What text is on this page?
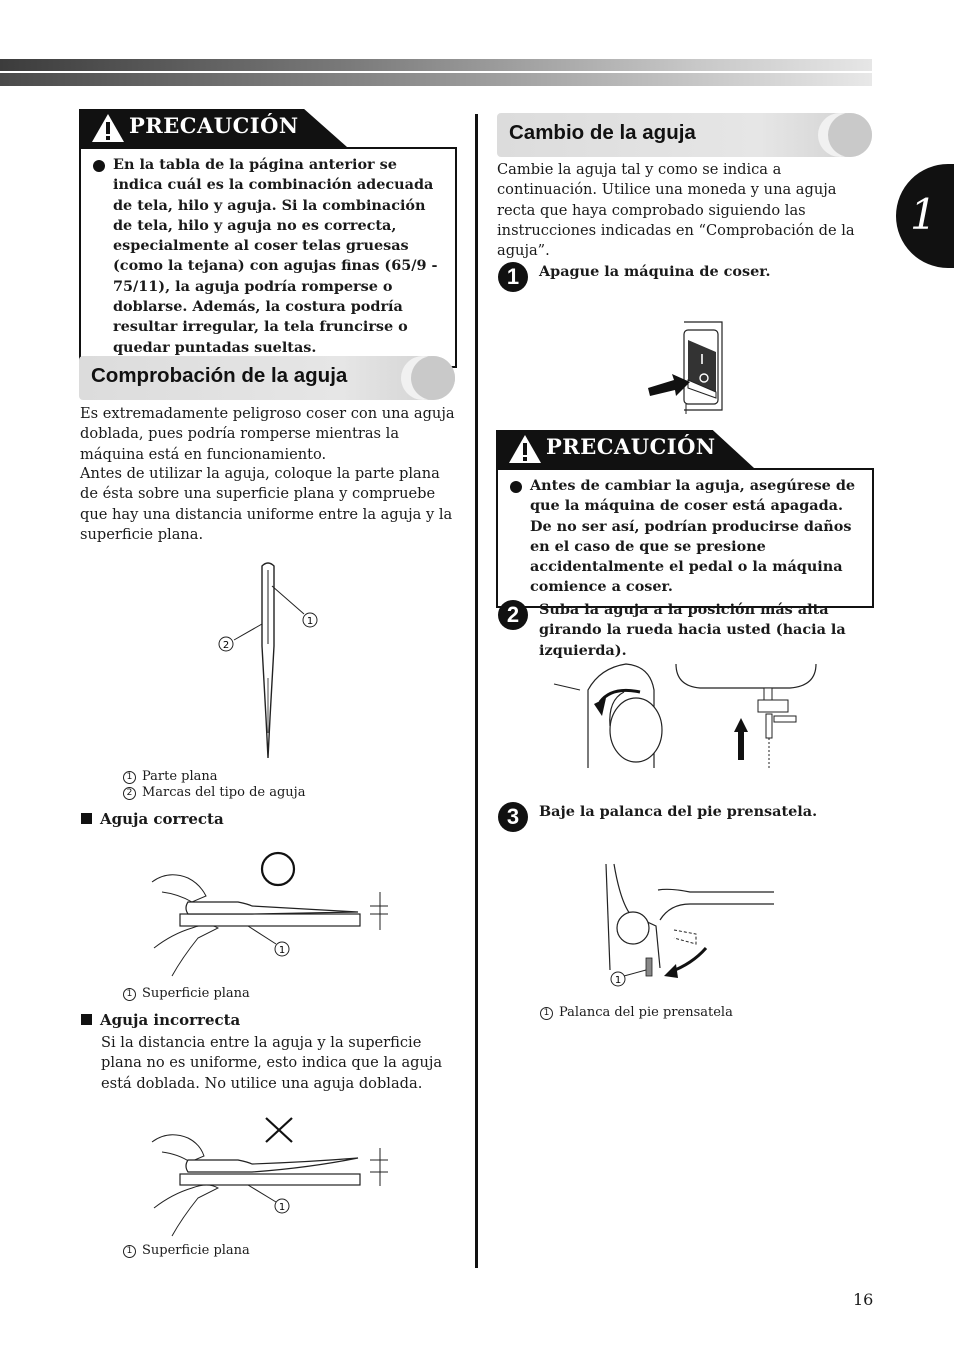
1
PRECAUCIÓN
En la tabla de la página anterior se indica cuál es la combinación adecuada de tela, hilo y aguja. Si la combinación de tela, hilo y aguja no es correcta, especialmente al coser telas gruesas (como la tejana) con agujas finas (65/9 - 75/11), la aguja podría romperse o doblarse. Además, la costura podría resultar irregular, la tela fruncirse o quedar puntadas sueltas.
Comprobación de la aguja
Es extremadamente peligroso coser con una aguja doblada, pues podría romperse mientras la máquina está en funcionamiento.
Antes de utilizar la aguja, coloque la parte plana de ésta sobre una superficie plana y compruebe que hay una distancia uniforme entre la aguja y la superficie plana.
1
2
1 Parte plana
2 Marcas del tipo de aguja
Aguja correcta
1
1 Superficie plana
Aguja incorrecta
Si la distancia entre la aguja y la superficie plana no es uniforme, esto indica que la aguja está doblada. No utilice una aguja doblada.
1
1 Superficie plana
Cambio de la aguja
Cambie la aguja tal y como se indica a continuación. Utilice una moneda y una aguja recta que haya comprobado siguiendo las instrucciones indicadas en “Comprobación de la aguja”.
1	Apague la máquina de coser.
PRECAUCIÓN
Antes de cambiar la aguja, asegúrese de que la máquina de coser está apagada. De no ser así, podrían producirse daños en el caso de que se presione accidentalmente el pedal o la máquina comience a coser.
2	Suba la aguja a la posición más alta girando la rueda hacia usted (hacia la izquierda).
3	Baje la palanca del pie prensatela.
1
1 Palanca del pie prensatela
16
